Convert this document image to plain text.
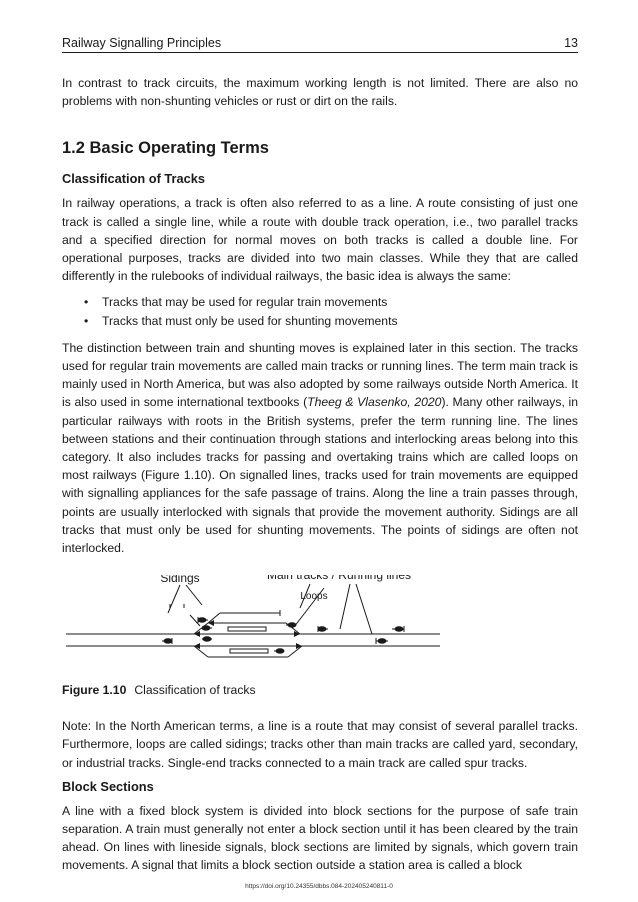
Railway Signalling Principles	13

In contrast to track circuits, the maximum working length is not limited. There are also no problems with non-shunting vehicles or rust or dirt on the rails.

1.2 Basic Operating Terms
Classification of Tracks

In railway operations, a track is often also referred to as a line. A route consisting of just one track is called a single line, while a route with double track operation, i.e., two parallel tracks and a specified direction for normal moves on both tracks is called a double line. For operational purposes, tracks are divided into two main classes. While they that are called differently in the rulebooks of individual railways, the basic idea is always the same:

• Tracks that may be used for regular train movements
• Tracks that must only be used for shunting movements

The distinction between train and shunting moves is explained later in this section. The tracks used for regular train movements are called main tracks or running lines. The term main track is mainly used in North America, but was also adopted by some railways outside North America. It is also used in some international textbooks (Theeg & Vlasenko, 2020). Many other railways, in particular railways with roots in the British systems, prefer the term running line. The lines between stations and their continuation through stations and interlocking areas belong into this category. It also includes tracks for passing and overtaking trains which are called loops on most railways (Figure 1.10). On signalled lines, tracks used for train movements are equipped with signalling appliances for the safe passage of trains. Along the line a train passes through, points are usually interlocked with signals that provide the movement authority. Sidings are all tracks that must only be used for shunting movements. The points of sidings are often not interlocked.

Sidings	Main tracks / Running lines
Loops
Figure 1.10 Classification of tracks

Note: In the North American terms, a line is a route that may consist of several parallel tracks. Furthermore, loops are called sidings; tracks other than main tracks are called yard, secondary, or industrial tracks. Single-end tracks connected to a main track are called spur tracks.

Block Sections

A line with a fixed block system is divided into block sections for the purpose of safe train separation. A train must generally not enter a block section until it has been cleared by the train ahead. On lines with lineside signals, block sections are limited by signals, which govern train movements. A signal that limits a block section outside a station area is called a block

https://doi.org/10.24355/dbbs.084-202405240811-0
